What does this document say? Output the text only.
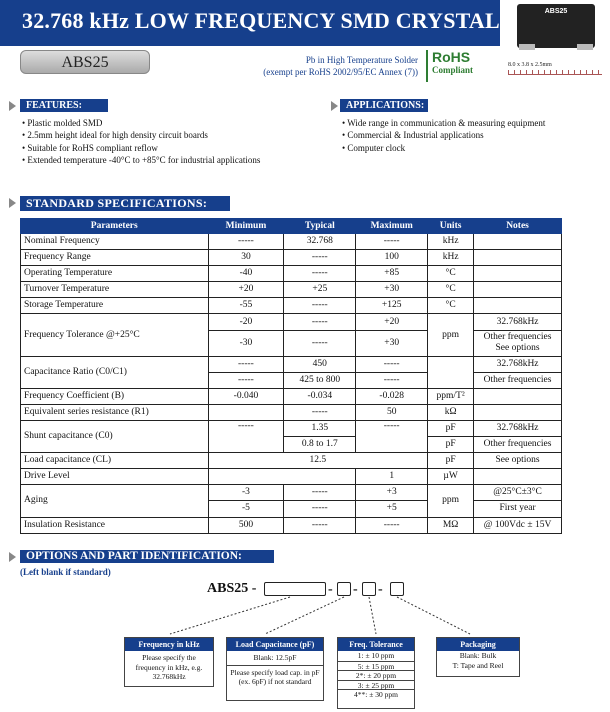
32.768 kHz LOW FREQUENCY SMD CRYSTAL	ABS25
8.0 x 3.8 x 2.5mm
ABS25	Pb in High Temperature Solder
(exempt per RoHS 2002/95/EC Annex (7))
RoHS
Compliant
FEATURES:
• Plastic molded SMD
• 2.5mm height ideal for high density circuit boards
• Suitable for RoHS compliant reflow
• Extended temperature -40°C to +85°C for industrial applications
APPLICATIONS:
• Wide range in communication & measuring equipment
• Commercial & Industrial applications
• Computer clock
STANDARD SPECIFICATIONS:
Parameters	Minimum	Typical	Maximum	Units	Notes
Nominal Frequency	-----	32.768	-----	kHz	
Frequency Range	30	-----	100	kHz	
Operating Temperature	-40	-----	+85	°C	
Turnover Temperature	+20	+25	+30	°C	
Storage Temperature	-55	-----	+125	°C	
Frequency Tolerance @+25°C	-20	-----	+20	ppm	32.768kHz
	-30	-----	+30		Other frequencies See options
Capacitance Ratio (C0/C1)	-----	450	-----		32.768kHz
	-----	425 to 800	-----		Other frequencies
Frequency Coefficient (B)	-0.040	-0.034	-0.028	ppm/T²	
Equivalent series resistance (R1)		-----	50	kΩ	
Shunt capacitance (C0)	-----	1.35	-----	pF	32.768kHz
		0.8 to 1.7		pF	Other frequencies
Load capacitance (CL)	12.5			pF	See options
Drive Level			1	µW	
Aging	-3	-----	+3	ppm	@25°C±3°C
	-5	-----	+5		First year
Insulation Resistance	500	-----	-----	MΩ	@ 100Vdc ± 15V
OPTIONS AND PART IDENTIFICATION:
(Left blank if standard)
ABS25 -	- - -
Frequency in kHz
Please specify the frequency in kHz, e.g. 32.768kHz
Load Capacitance (pF)
Blank: 12.5pF
Please specify load cap. in pF (ex. 6pF) if not standard
Freq. Tolerance
1: ± 10 ppm
5: ± 15 ppm
2*: ± 20 ppm
3: ± 25 ppm
4**: ± 30 ppm
Packaging
Blank: Bulk
T: Tape and Reel
